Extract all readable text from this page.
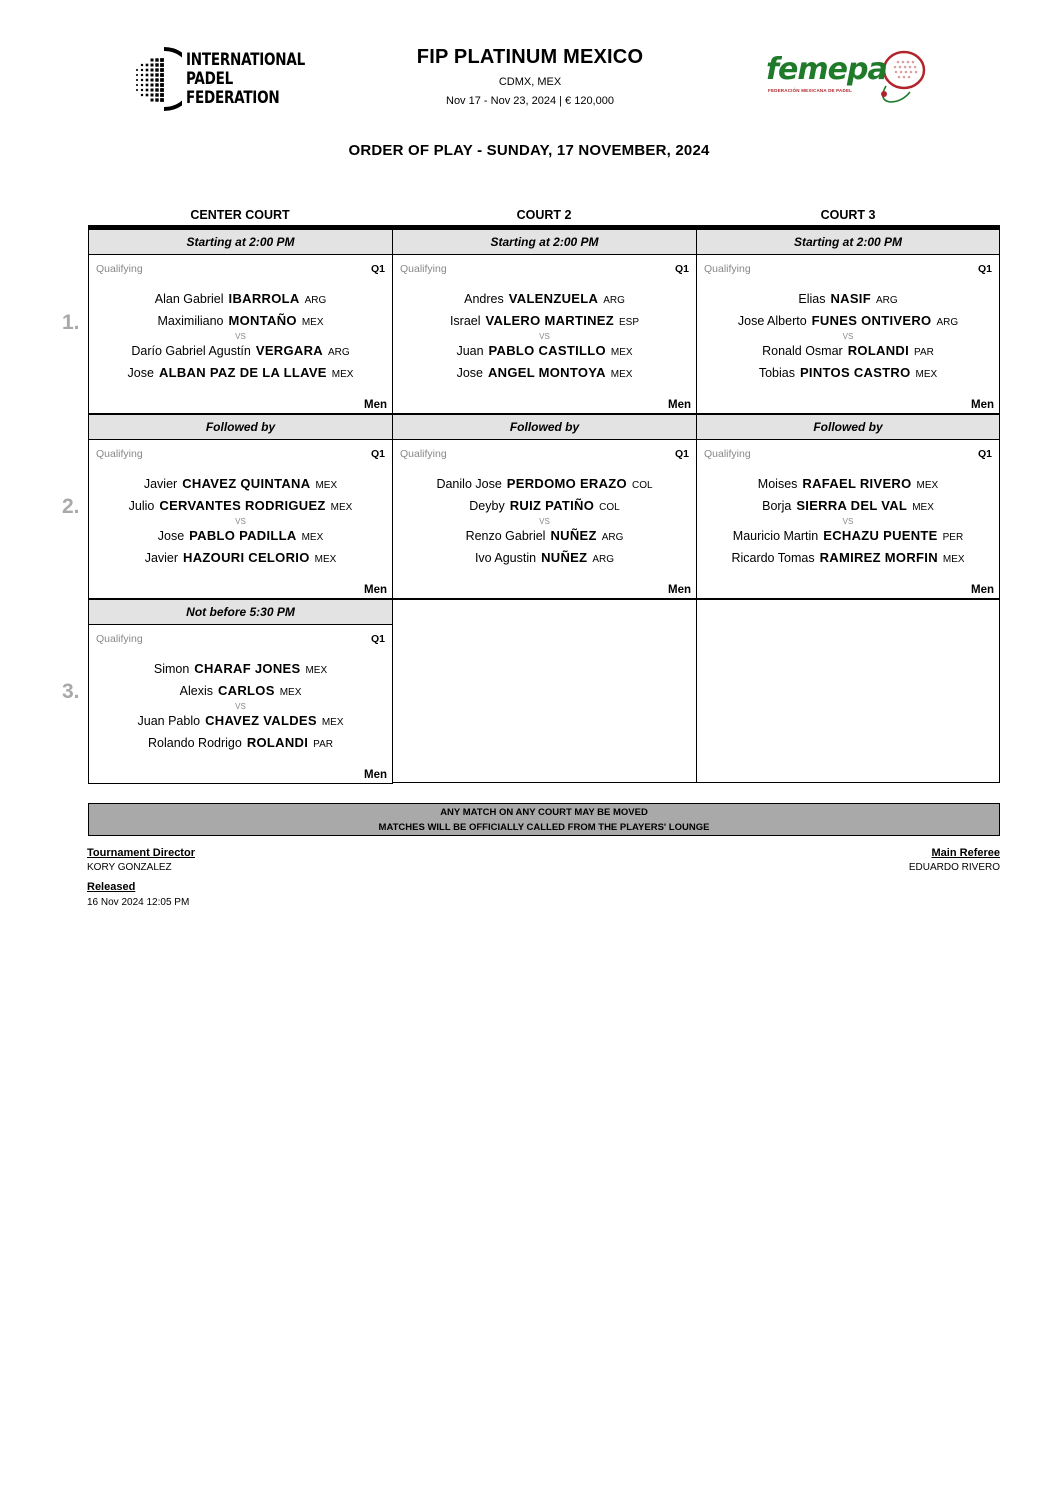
INTERNATIONAL
PADEL
FEDERATION
FIP PLATINUM MEXICO
CDMX, MEX
Nov 17 - Nov 23, 2024 | € 120,000
femepa
FEDERACIÓN MEXICANA DE PADEL
ORDER OF PLAY - SUNDAY, 17 NOVEMBER, 2024
CENTER COURT	COURT 2	COURT 3
1.
2.
3.
Starting at 2:00 PM	Starting at 2:00 PM	Starting at 2:00 PM
Qualifying	Q1
Alan Gabriel IBARROLA ARG
Maximiliano MONTAÑO MEX
VS
Darío Gabriel Agustín VERGARA ARG
Jose ALBAN PAZ DE LA LLAVE MEX
Men
Qualifying	Q1
Andres VALENZUELA ARG
Israel VALERO MARTINEZ ESP
VS
Juan PABLO CASTILLO MEX
Jose ANGEL MONTOYA MEX
Men
Qualifying	Q1
Elias NASIF ARG
Jose Alberto FUNES ONTIVERO ARG
VS
Ronald Osmar ROLANDI PAR
Tobias PINTOS CASTRO MEX
Men
Followed by	Followed by	Followed by
Qualifying	Q1
Javier CHAVEZ QUINTANA MEX
Julio CERVANTES RODRIGUEZ MEX
VS
Jose PABLO PADILLA MEX
Javier HAZOURI CELORIO MEX
Men
Qualifying	Q1
Danilo Jose PERDOMO ERAZO COL
Deyby RUIZ PATIÑO COL
VS
Renzo Gabriel NUÑEZ ARG
Ivo Agustin NUÑEZ ARG
Men
Qualifying	Q1
Moises RAFAEL RIVERO MEX
Borja SIERRA DEL VAL MEX
VS
Mauricio Martin ECHAZU PUENTE PER
Ricardo Tomas RAMIREZ MORFIN MEX
Men
Not before 5:30 PM
Qualifying	Q1
Simon CHARAF JONES MEX
Alexis CARLOS MEX
VS
Juan Pablo CHAVEZ VALDES MEX
Rolando Rodrigo ROLANDI PAR
Men
ANY MATCH ON ANY COURT MAY BE MOVED
MATCHES WILL BE OFFICIALLY CALLED FROM THE PLAYERS' LOUNGE
Tournament Director
KORY GONZALEZ
Released
16 Nov 2024 12:05 PM
Main Referee
EDUARDO RIVERO
